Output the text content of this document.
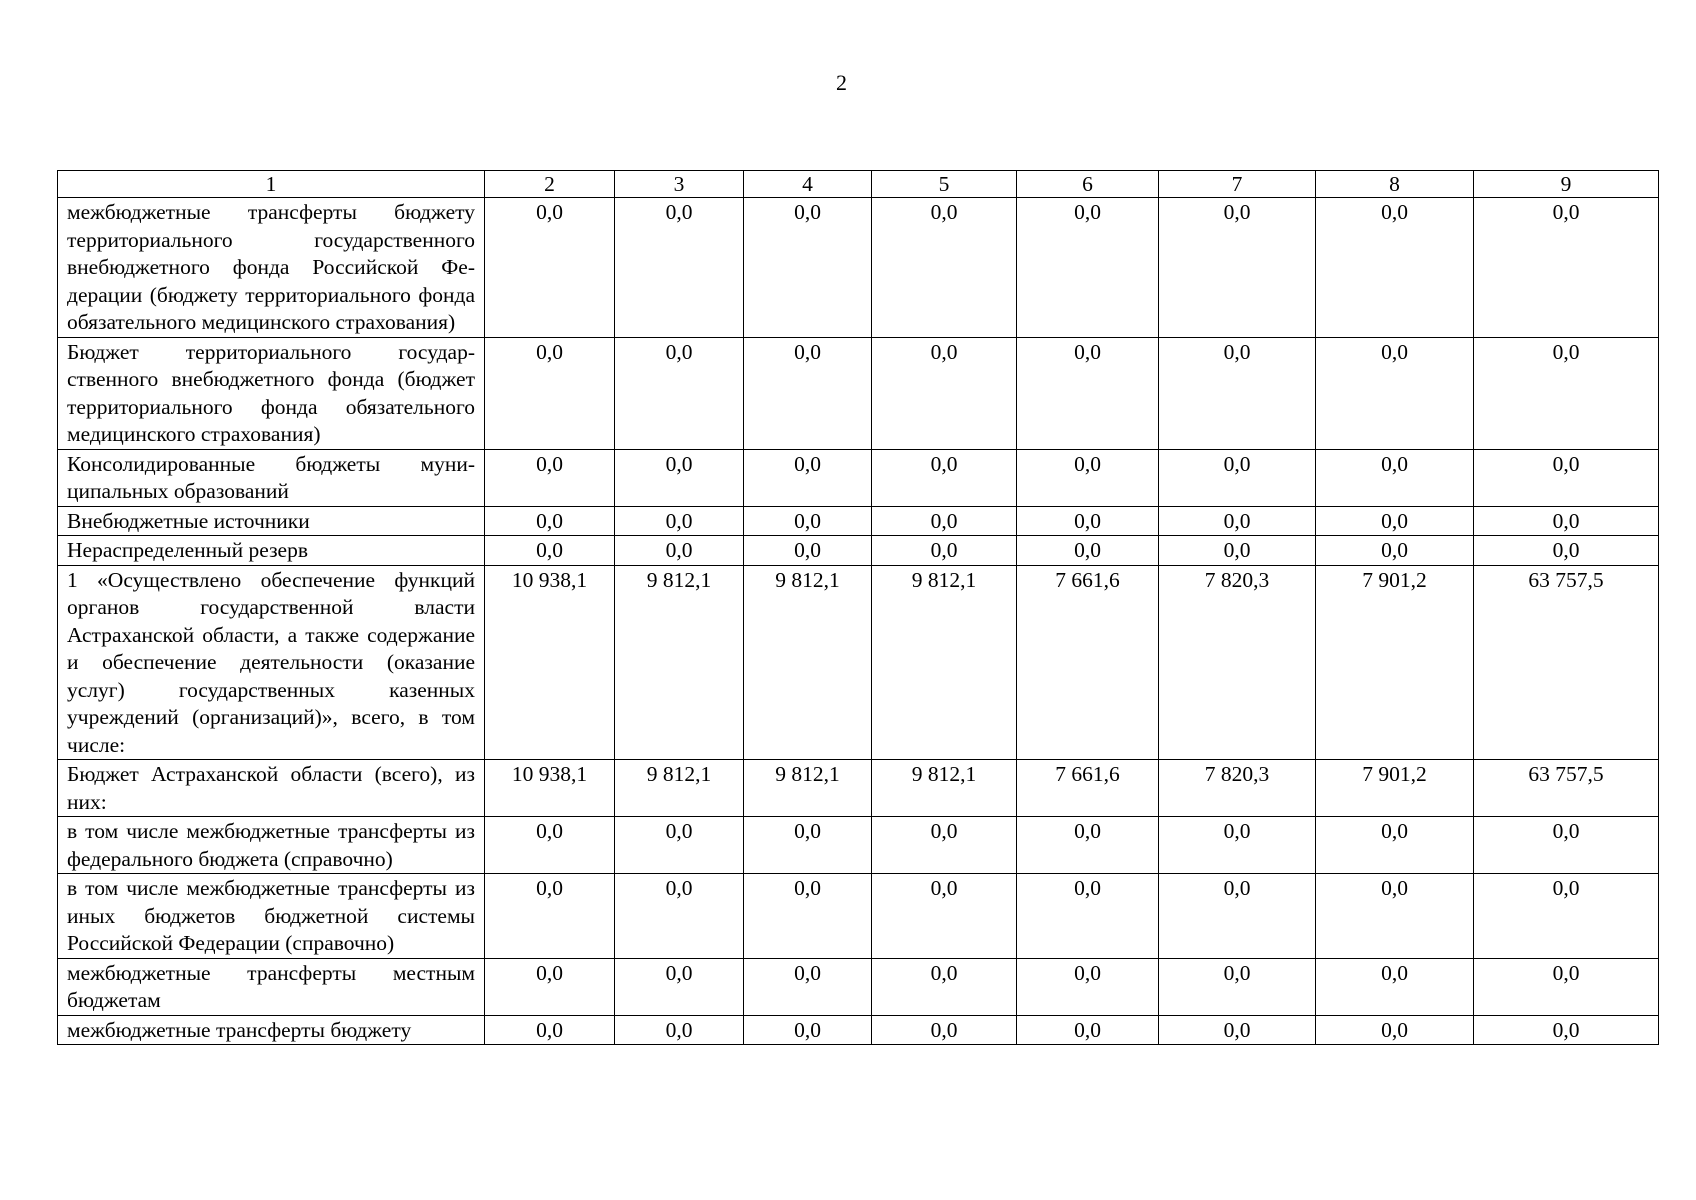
2
1	2	3	4	5	6	7	8	9
межбюджетные трансферты бюджету территориального государственного внебюджетного фонда Российской Федерации (бюджету территориального фонда обязательного медицинского страхования)	0,0	0,0	0,0	0,0	0,0	0,0	0,0	0,0
Бюджет территориального государственного внебюджетного фонда (бюджет территориального фонда обязательного медицинского страхования)	0,0	0,0	0,0	0,0	0,0	0,0	0,0	0,0
Консолидированные бюджеты муниципальных образований	0,0	0,0	0,0	0,0	0,0	0,0	0,0	0,0
Внебюджетные источники	0,0	0,0	0,0	0,0	0,0	0,0	0,0	0,0
Нераспределенный резерв	0,0	0,0	0,0	0,0	0,0	0,0	0,0	0,0
1 «Осуществлено обеспечение функций органов государственной власти Астраханской области, а также содержание и обеспечение деятельности (оказание услуг) государственных казенных учреждений (организаций)», всего, в том числе:	10 938,1	9 812,1	9 812,1	9 812,1	7 661,6	7 820,3	7 901,2	63 757,5
Бюджет Астраханской области (всего), из них:	10 938,1	9 812,1	9 812,1	9 812,1	7 661,6	7 820,3	7 901,2	63 757,5
в том числе межбюджетные трансферты из федерального бюджета (справочно)	0,0	0,0	0,0	0,0	0,0	0,0	0,0	0,0
в том числе межбюджетные трансферты из иных бюджетов бюджетной системы Российской Федерации (справочно)	0,0	0,0	0,0	0,0	0,0	0,0	0,0	0,0
межбюджетные трансферты местным бюджетам	0,0	0,0	0,0	0,0	0,0	0,0	0,0	0,0
межбюджетные трансферты бюджету	0,0	0,0	0,0	0,0	0,0	0,0	0,0	0,0
